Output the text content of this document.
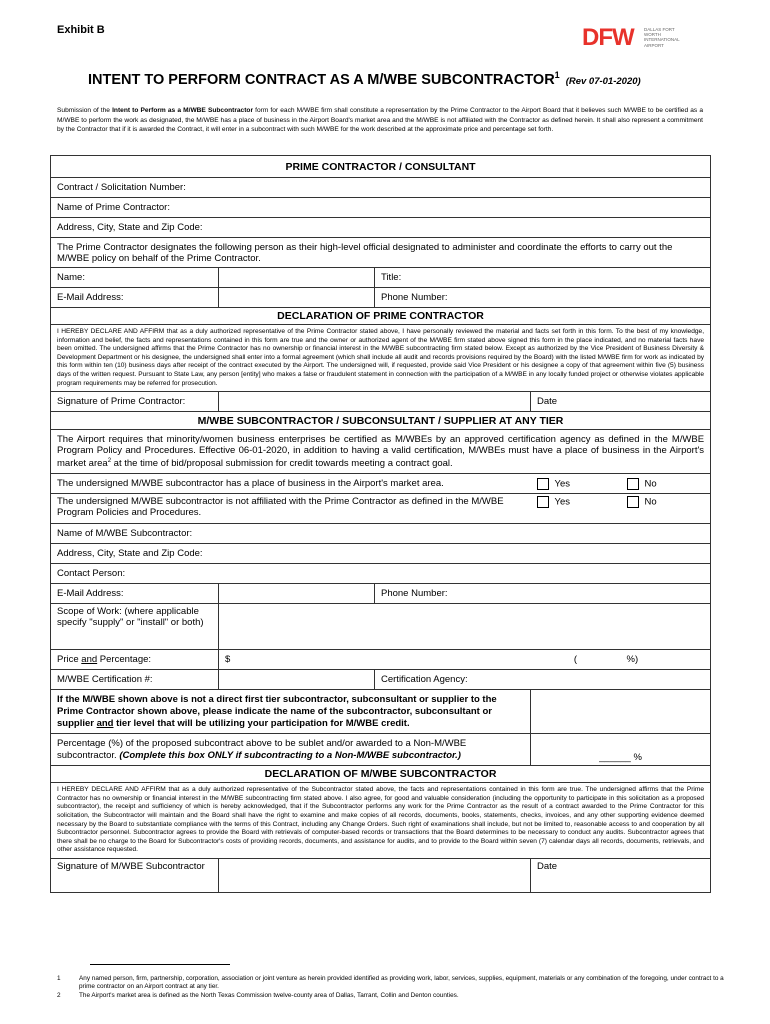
Exhibit B	DFW DALLAS FORT WORTH INTERNATIONAL AIRPORT
INTENT TO PERFORM CONTRACT AS A M/WBE SUBCONTRACTOR$^1$(Rev 07-01-2020)
Submission of the Intent to Perform as a M/WBE Subcontractor form for each M/WBE firm shall constitute a representation by the Prime Contractor to the Airport Board that it believes such M/WBE to be certified as a M/WBE to perform the work as designated, the M/WBE has a place of business in the Airport Board's market area and the M/WBE is not affiliated with the Contractor as defined herein. It shall also represent a commitment by the Contractor that if it is awarded the Contract, it will enter in a subcontract with such M/WBE for the work described at the approximate price and percentage set forth.
PRIME CONTRACTOR / CONSULTANT				
Contract / Solicitation Number:				
Name of Prime Contractor:				
Address, City, State and Zip Code:				
The Prime Contractor designates the following person as their high-level official designated to administer and coordinate the efforts to carry out the M/WBE policy on behalf of the Prime Contractor.				
Name:		Title:		
E-Mail Address:		Phone Number:		
DECLARATION OF PRIME CONTRACTOR				
I HEREBY DECLARE AND AFFIRM that as a duly authorized representative of the Prime Contractor stated above, I have personally reviewed the material and facts set forth in this form. To the best of my knowledge, information and belief, the facts and representations contained in this form are true and the owner or authorized agent of the M/WBE firm stated above signed this form in the place indicated, and no material facts have been omitted. The undersigned affirms that the Prime Contractor has no ownership or financial interest in the M/WBE subcontracting firm stated below. Except as authorized by the Vice President of Business Diversity & Development Department or his designee, the undersigned shall enter into a formal agreement (which shall include all audit and records provisions required by the Board) with the listed M/WBE firm for work as indicated by this form within ten (10) business days after receipt of the contract executed by the Airport. The undersigned will, if requested, provide said Vice President or his designee a copy of that agreement within five (5) business days of the written request. Pursuant to State Law, any person [entity] who makes a false or fraudulent statement in connection with the participation of a M/WBE in any locally funded project or otherwise violates applicable program requirements may be referred for prosecution.				
Signature of Prime Contractor:			Date	
M/WBE SUBCONTRACTOR / SUBCONSULTANT / SUPPLIER AT ANY TIER				
The Airport requires that minority/women business enterprises be certified as M/WBEs by an approved certification agency as defined in the M/WBE Program Policy and Procedures. Effective 06-01-2020, in addition to having a valid certification, M/WBEs must have a place of business in the Airport's market area$^2$ at the time of bid/proposal submission for credit towards meeting a contract goal.				
The undersigned M/WBE subcontractor has a place of business in the Airport's market area.			Yes	No
The undersigned M/WBE subcontractor is not affiliated with the Prime Contractor as defined in the M/WBE Program Policies and Procedures.			Yes	No
Name of M/WBE Subcontractor:				
Address, City, State and Zip Code:				
Contact Person:				
E-Mail Address:		Phone Number:		
Scope of Work: (where applicable specify "supply" or "install" or both)				
Price and Percentage:	$		(	%)
M/WBE Certification #:		Certification Agency:		
If the M/WBE shown above is not a direct first tier subcontractor, subconsultant or supplier to the Prime Contractor shown above, please indicate the name of the subcontractor, subconsultant or supplier and tier level that will be utilizing your participation for M/WBE credit.				
Percentage (%) of the proposed subcontract above to be sublet and/or awarded to a Non-M/WBE subcontractor. (Complete this box ONLY if subcontracting to a Non-M/WBE subcontractor.)			______ %	
DECLARATION OF M/WBE SUBCONTRACTOR				
I HEREBY DECLARE AND AFFIRM that as a duly authorized representative of the Subcontractor stated above, the facts and representations contained in this form are true. The undersigned affirms that the Prime Contractor has no ownership or financial interest in the M/WBE subcontracting firm stated above. I also agree, for good and valuable consideration (including the opportunity to participate in this solicitation as a proposed subcontractor), the receipt and sufficiency of which is hereby acknowledged, that if the Subcontractor performs any work for the Prime Contractor as the result of a contract awarded to the Prime Contractor for this solicitation, the Subcontractor will maintain and the Board shall have the right to examine and make copies of all records, documents, books, statements, checks, invoices, and any other supporting evidence deemed necessary by the Board to substantiate compliance with the terms of this Contract, including any Change Orders. Such right of examinations shall include, but not be limited to, reasonable access to and cooperation by all Subcontractor personnel. Subcontractor agrees to provide the Board with retrievals of computer-based records or transactions that the Board determines to be necessary to conduct any audits. Subcontractor agrees that there shall be no charge to the Board for Subcontractor's costs of providing records, documents, and assistance for audits, and to provide to the Board within seven (7) calendar days all records, documents, retrievals, and other assistance requested.				
Signature of M/WBE Subcontractor			Date	
1	Any named person, firm, partnership, corporation, association or joint venture as herein provided identified as providing work, labor, services, supplies, equipment, materials or any combination of the foregoing, under contract to a prime contractor on an Airport contract at any tier.
2	The Airport's market area is defined as the North Texas Commission twelve-county area of Dallas, Tarrant, Collin and Denton counties.
